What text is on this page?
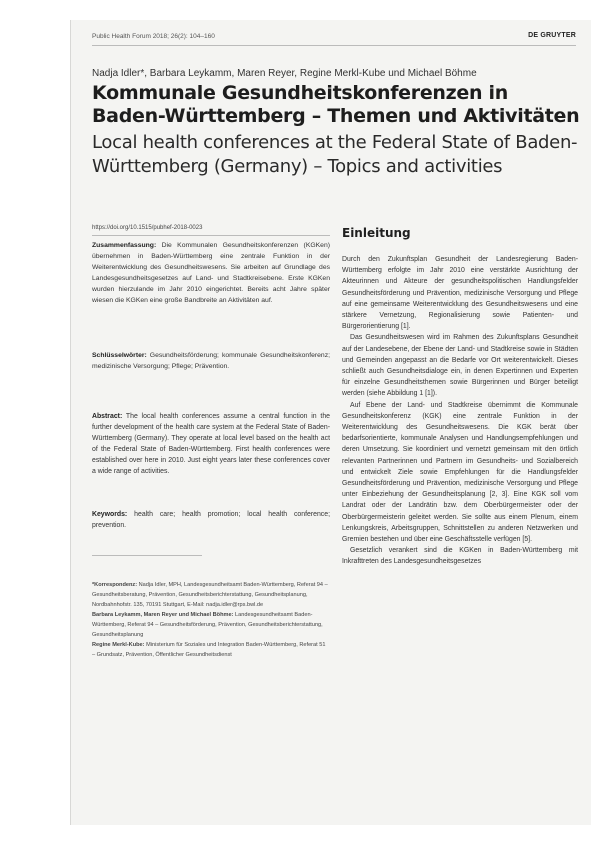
Public Health Forum 2018; 26(2): 104–160	DE GRUYTER
Nadja Idler*, Barbara Leykamm, Maren Reyer, Regine Merkl-Kube und Michael Böhme
Kommunale Gesundheitskonferenzen in Baden-Württemberg – Themen und Aktivitäten
Local health conferences at the Federal State of Baden-Württemberg (Germany) – Topics and activities
https://doi.org/10.1515/pubhef-2018-0023

Zusammenfassung: Die Kommunalen Gesundheitskonferenzen (KGKen) übernehmen in Baden-Württemberg eine zentrale Funktion in der Weiterentwicklung des Gesundheitswesens. Sie arbeiten auf Grundlage des Landesgesundheitsgesetzes auf Land- und Stadtkreisebene. Erste KGKen wurden hierzulande im Jahr 2010 eingerichtet. Bereits acht Jahre später wiesen die KGKen eine große Bandbreite an Aktivitäten auf.

Schlüsselwörter: Gesundheitsförderung; kommunale Gesundheitskonferenz; medizinische Versorgung; Pflege; Prävention.

Abstract: The local health conferences assume a central function in the further development of the health care system at the Federal State of Baden-Württemberg (Germany). They operate at local level based on the health act of the Federal State of Baden-Württemberg. First health conferences were established over here in 2010. Just eight years later these conferences cover a wide range of activities.

Keywords: health care; health promotion; local health conference; prevention.

*Korrespondenz: Nadja Idler, MPH, Landesgesundheitsamt Baden-Württemberg, Referat 94 – Gesundheitsberatung, Prävention, Gesundheitsberichterstattung, Gesundheitsplanung, Nordbahnhofstr. 135, 70191 Stuttgart, E-Mail: nadja.idler@rps.bwl.de

Barbara Leykamm, Maren Reyer und Michael Böhme: Landesgesundheitsamt Baden-Württemberg, Referat 94 – Gesundheitsförderung, Prävention, Gesundheitsberichterstattung, Gesundheitsplanung

Regine Merkl-Kube: Ministerium für Soziales und Integration Baden-Württemberg, Referat 51 – Grundsatz, Prävention, Öffentlicher Gesundheitsdienst

Einleitung

Durch den Zukunftsplan Gesundheit der Landesregierung Baden-Württemberg erfolgte im Jahr 2010 eine verstärkte Ausrichtung der Akteurinnen und Akteure der gesundheitspolitischen Handlungsfelder Gesundheitsförderung und Prävention, medizinische Versorgung und Pflege auf eine gemeinsame Weiterentwicklung des Gesundheitswesens und eine stärkere Vernetzung, Regionalisierung sowie Patienten- und Bürgerorientierung [1].

Das Gesundheitswesen wird im Rahmen des Zukunftsplans Gesundheit auf der Landesebene, der Ebene der Land- und Stadtkreise sowie in Städten und Gemeinden angepasst an die Bedarfe vor Ort weiterentwickelt. Dieses schließt auch Gesundheitsdialoge ein, in denen Expertinnen und Experten für einzelne Gesundheitsthemen sowie Bürgerinnen und Bürger beteiligt werden (siehe Abbildung 1 [1]).

Auf Ebene der Land- und Stadtkreise übernimmt die Kommunale Gesundheitskonferenz (KGK) eine zentrale Funktion in der Weiterentwicklung des Gesundheitswesens. Die KGK berät über bedarfsorientierte, kommunale Analysen und Handlungsempfehlungen und deren Umsetzung. Sie koordiniert und vernetzt gemeinsam mit den örtlich relevanten Partnerinnen und Partnern im Gesundheits- und Sozialbereich und entwickelt Ziele sowie Empfehlungen für die Handlungsfelder Gesundheitsförderung und Prävention, medizinische Versorgung und Pflege unter Einbeziehung der Gesundheitsplanung [2, 3]. Eine KGK soll vom Landrat oder der Landrätin bzw. dem Oberbürgermeister oder der Oberbürgermeisterin geleitet werden. Sie sollte aus einem Plenum, einem Lenkungskreis, Arbeitsgruppen, Schnittstellen zu anderen Netzwerken und Gremien bestehen und über eine Geschäftsstelle verfügen [5].

Gesetzlich verankert sind die KGKen in Baden-Württemberg mit Inkrafttreten des Landesgesundheitsgesetzes
